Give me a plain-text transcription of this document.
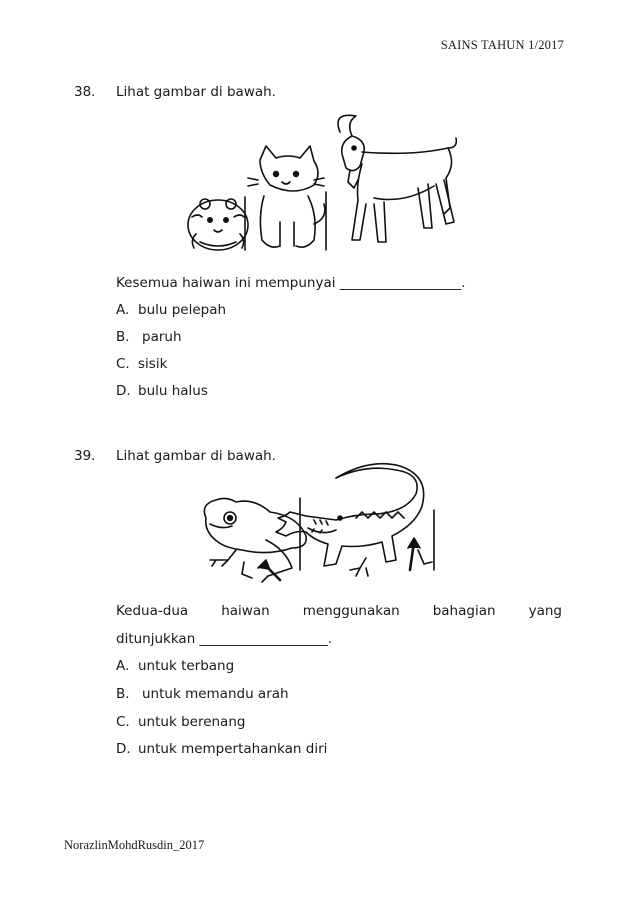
SAINS TAHUN 1/2017
38. Lihat gambar di bawah.
Kesemua haiwan ini mempunyai __________________.
A. bulu pelepah
B. paruh
C. sisik
D. bulu halus
39. Lihat gambar di bawah.
Kedua-dua haiwan menggunakan bahagian yang
ditunjukkan ___________________.
A. untuk terbang
B. untuk memandu arah
C. untuk berenang
D. untuk mempertahankan diri
NorazlinMohdRusdin_2017
